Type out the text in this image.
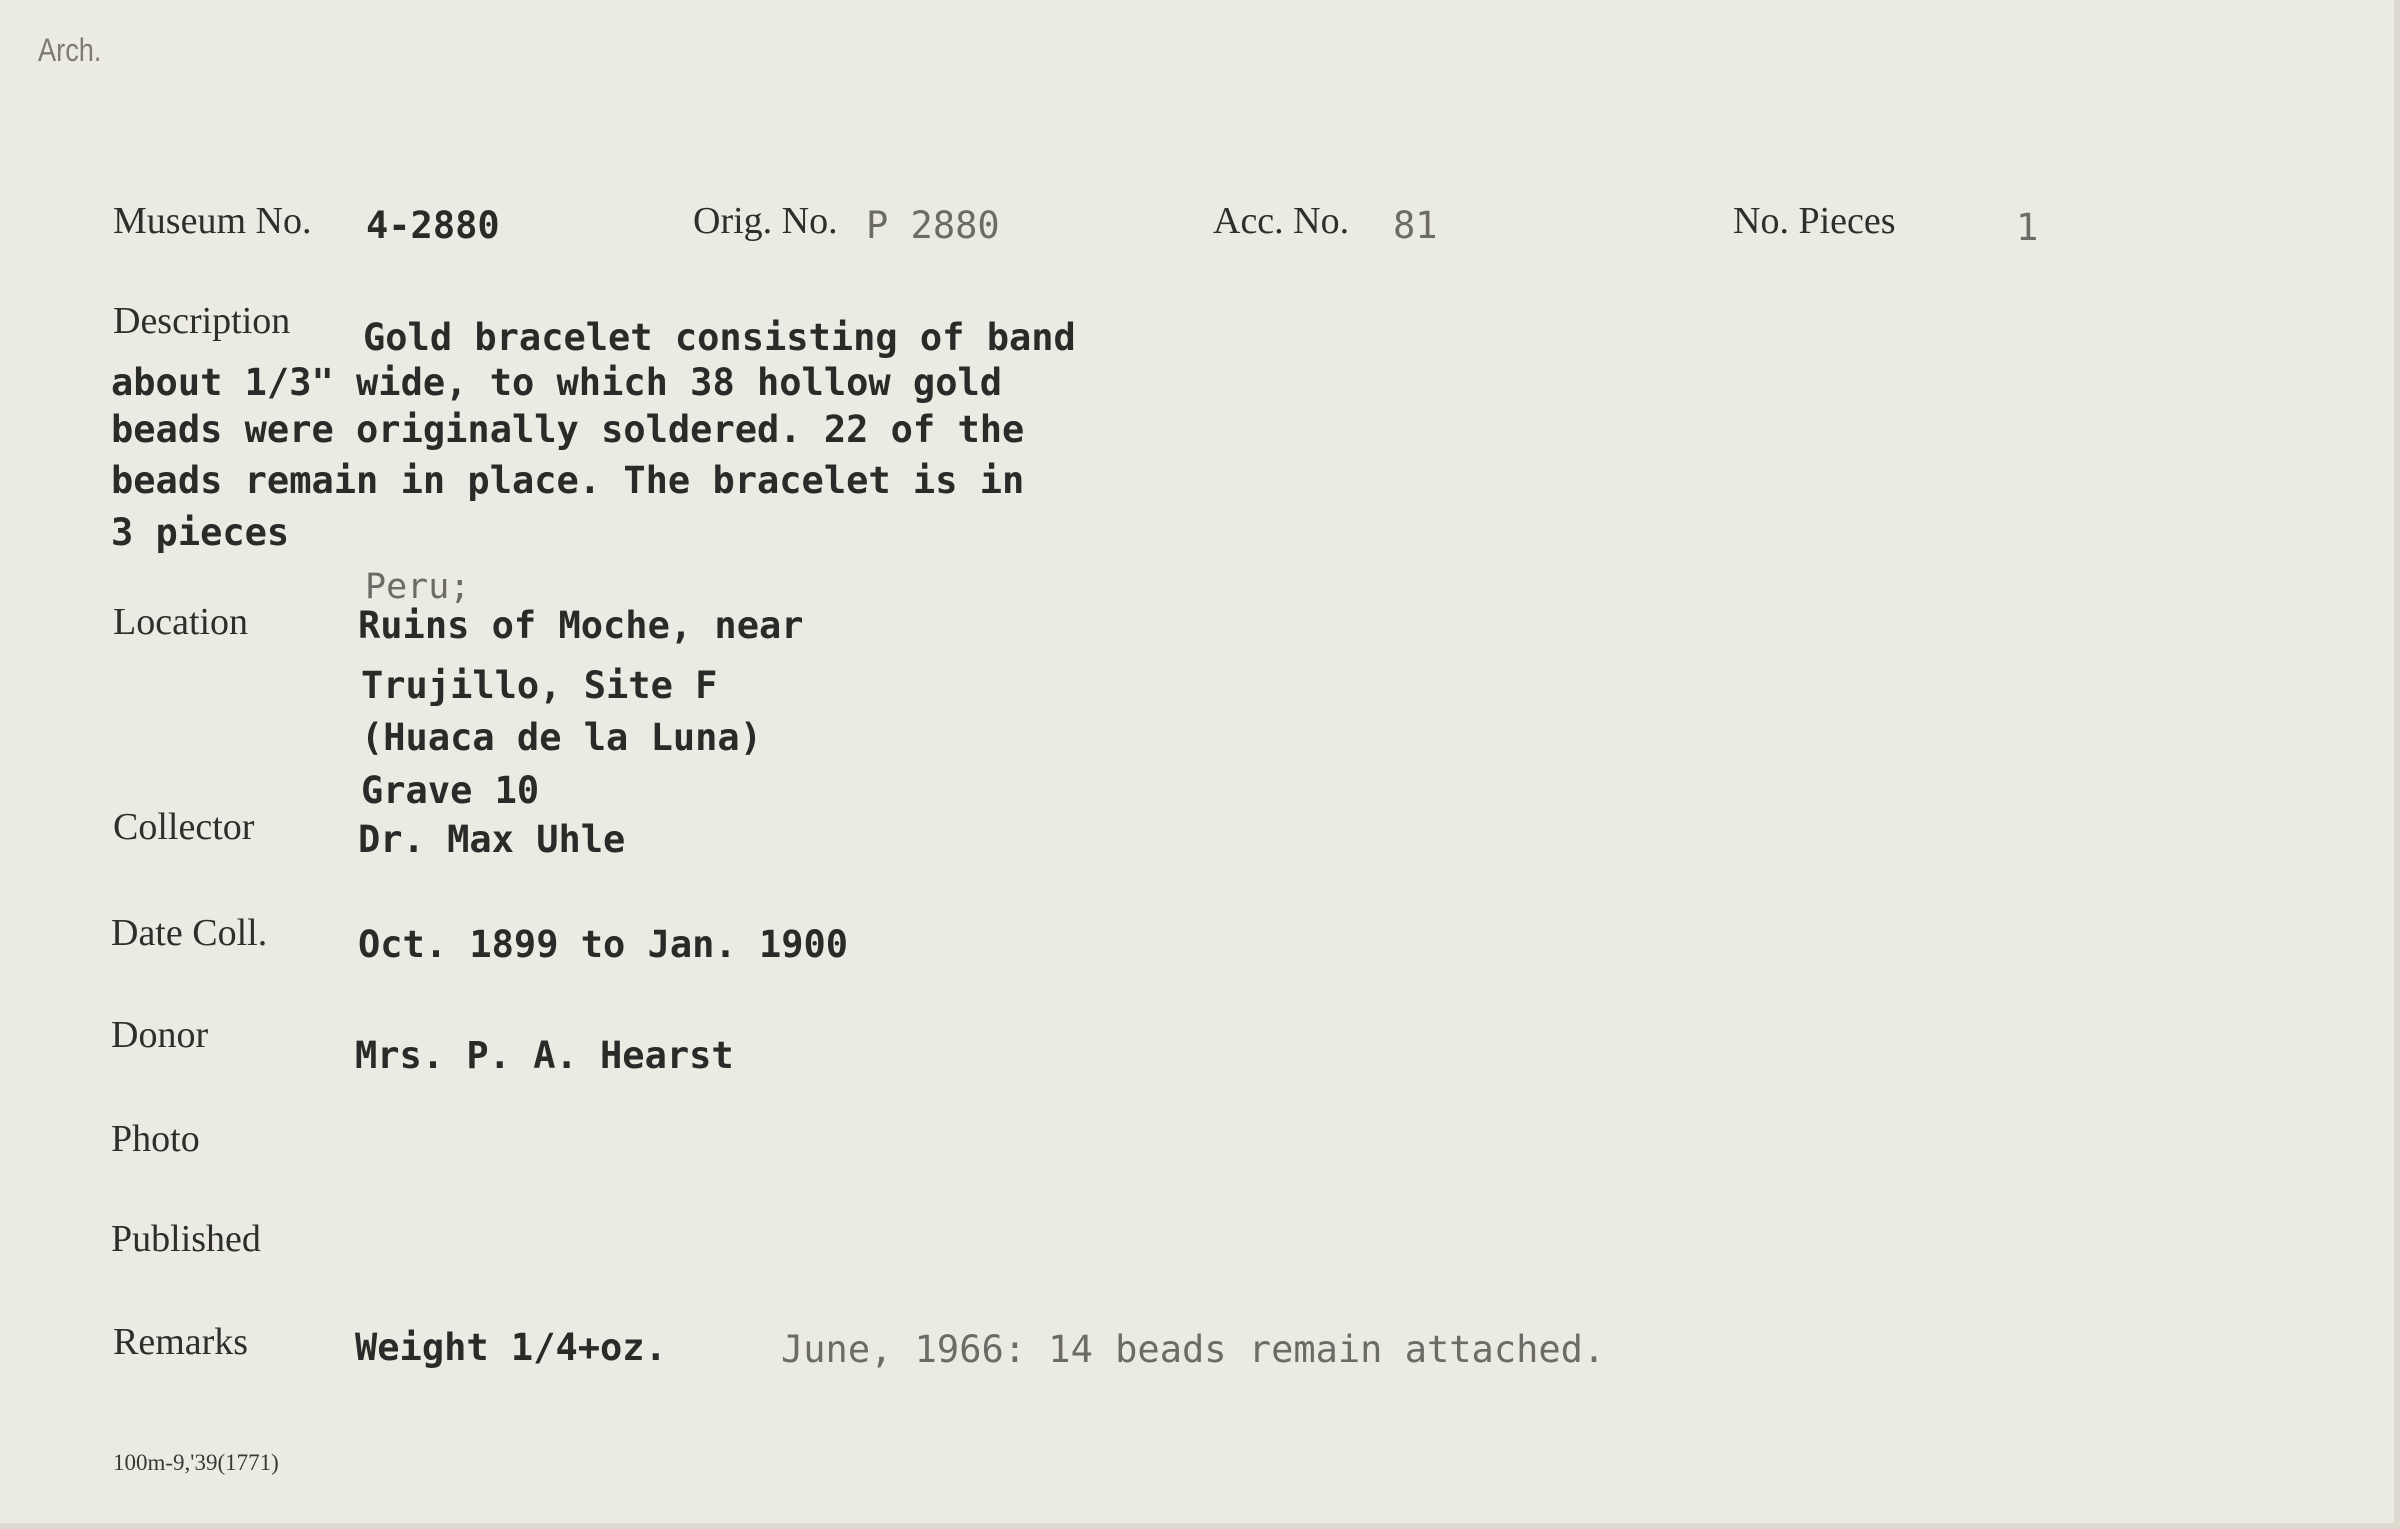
Arch.
Museum No. 4-2880	Orig. No. P 2880	Acc. No. 81	No. Pieces	1
Description Gold bracelet consisting of band
about 1/3" wide, to which 38 hollow gold
beads were originally soldered. 22 of the
beads remain in place. The bracelet is in
3 pieces
Peru;
Location	Ruins of Moche, near
Trujillo, Site F
(Huaca de la Luna)
Grave 10
Collector	Dr. Max Uhle
Date Coll. Oct. 1899 to Jan. 1900
Donor	Mrs. P. A. Hearst
Photo
Published
Remarks	Weight 1/4+oz.	June, 1966: 14 beads remain attached.
100m-9,'39(1771)
